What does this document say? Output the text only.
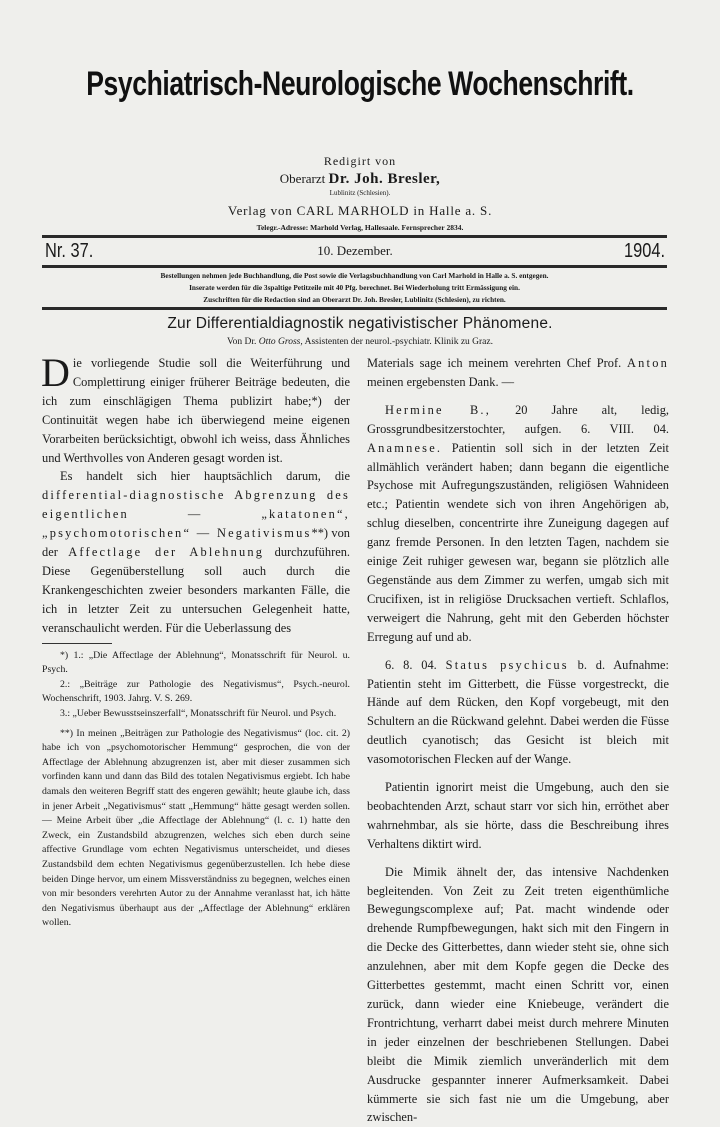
Psychiatrisch-Neurologische Wochenschrift.
Redigirt von
Oberarzt Dr. Joh. Bresler,
Lublinitz (Schlesien).
Verlag von CARL MARHOLD in Halle a. S.
Telegr.-Adresse: Marhold Verlag, Hallesaale. Fernsprecher 2834.
Nr. 37.	10. Dezember.	1904.
Bestellungen nehmen jede Buchhandlung, die Post sowie die Verlagsbuchhandlung von Carl Marhold in Halle a. S. entgegen.
Inserate werden für die 3spaltige Petitzeile mit 40 Pfg. berechnet. Bei Wiederholung tritt Ermässigung ein.
Zuschriften für die Redaction sind an Oberarzt Dr. Joh. Bresler, Lublinitz (Schlesien), zu richten.
Zur Differentialdiagnostik negativistischer Phänomene.
Von Dr. Otto Gross, Assistenten der neurol.-psychiatr. Klinik zu Graz.

Die vorliegende Studie soll die Weiterführung und Complettirung einiger früherer Beiträge bedeuten, die ich zum einschlägigen Thema publizirt habe;*) der Continuität wegen habe ich überwiegend meine eigenen Vorarbeiten berücksichtigt, obwohl ich weiss, dass Ähnliches und Werthvolles von Anderen gesagt worden ist.

Es handelt sich hier hauptsächlich darum, die differential-diagnostische Abgrenzung des eigentlichen — „katatonen“, „psychomotorischen“ — Negativismus**) von der Affectlage der Ablehnung durchzuführen. Diese Gegenüberstellung soll auch durch die Krankengeschichten zweier besonders markanten Fälle, die ich in letzter Zeit zu untersuchen Gelegenheit hatte, veranschaulicht werden. Für die Ueberlassung des

*) 1.: „Die Affectlage der Ablehnung“, Monatsschrift für Neurol. u. Psych.

2.: „Beiträge zur Pathologie des Negativismus“, Psych.-neurol. Wochenschrift, 1903. Jahrg. V. S. 269.

3.: „Ueber Bewusstseinszerfall“, Monatsschrift für Neurol. und Psych.

**) In meinen „Beiträgen zur Pathologie des Negativismus“ (loc. cit. 2) habe ich von „psychomotorischer Hemmung“ gesprochen, die von der Affectlage der Ablehnung abzugrenzen ist, aber mit dieser zusammen sich vorfinden kann und dann das Bild des totalen Negativismus ergiebt. Ich habe damals den weiteren Begriff statt des engeren gewählt; heute glaube ich, dass in jener Arbeit „Negativismus“ statt „Hemmung“ hätte gesagt werden sollen. — Meine Arbeit über „die Affectlage der Ablehnung“ (l. c. 1) hatte den Zweck, ein Zustandsbild abzugrenzen, welches sich eben durch seine affective Grundlage vom echten Negativismus unterscheidet, und dieses Zustandsbild dem echten Negativismus gegenüberzustellen. Ich hebe diese beiden Dinge hervor, um einem Missverständniss zu begegnen, welches einen von mir besonders verehrten Autor zu der Annahme veranlasst hat, ich hätte den Negativismus überhaupt aus der „Affectlage der Ablehnung“ erklären wollen.

Materials sage ich meinem verehrten Chef Prof. Anton meinen ergebensten Dank. —

Hermine B., 20 Jahre alt, ledig, Grossgrundbesitzerstochter, aufgen. 6. VIII. 04. Anamnese. Patientin soll sich in der letzten Zeit allmählich verändert haben; dann begann die eigentliche Psychose mit Aufregungszuständen, religiösen Wahnideen etc.; Patientin wendete sich von ihren Angehörigen ab, schlug dieselben, concentrirte ihre Zuneigung dagegen auf ganz fremde Personen. In den letzten Tagen, nachdem sie einige Zeit ruhiger gewesen war, begann sie plötzlich alle Gegenstände aus dem Zimmer zu werfen, umgab sich mit Crucifixen, ist in religiöse Drucksachen vertieft. Schlaflos, verweigert die Nahrung, geht mit den Geberden höchster Erregung auf und ab.

6. 8. 04. Status psychicus b. d. Aufnahme: Patientin steht im Gitterbett, die Füsse vorgestreckt, die Hände auf dem Rücken, den Kopf vorgebeugt, mit den Schultern an die Rückwand gelehnt. Dabei werden die Füsse deutlich cyanotisch; das Gesicht ist bleich mit vasomotorischen Flecken auf der Wange.

Patientin ignorirt meist die Umgebung, auch den sie beobachtenden Arzt, schaut starr vor sich hin, erröthet aber wahrnehmbar, als sie hörte, dass die Beschreibung ihres Verhaltens diktirt wird.

Die Mimik ähnelt der, das intensive Nachdenken begleitenden. Von Zeit zu Zeit treten eigenthümliche Bewegungscomplexe auf; Pat. macht windende oder drehende Rumpfbewegungen, hakt sich mit den Fingern in die Decke des Gitterbettes, dann wieder steht sie, ohne sich anzulehnen, aber mit dem Kopfe gegen die Decke des Gitterbettes gestemmt, macht einen Schritt vor, einen zurück, dann wieder eine Kniebeuge, verändert die Frontrichtung, verharrt dabei meist durch mehrere Minuten in jeder einzelnen der beschriebenen Stellungen. Dabei bleibt die Mimik ziemlich unveränderlich mit dem Ausdrucke gespannter innerer Aufmerksamkeit. Dabei kümmerte sie sich fast nie um die Umgebung, aber zwischen-
